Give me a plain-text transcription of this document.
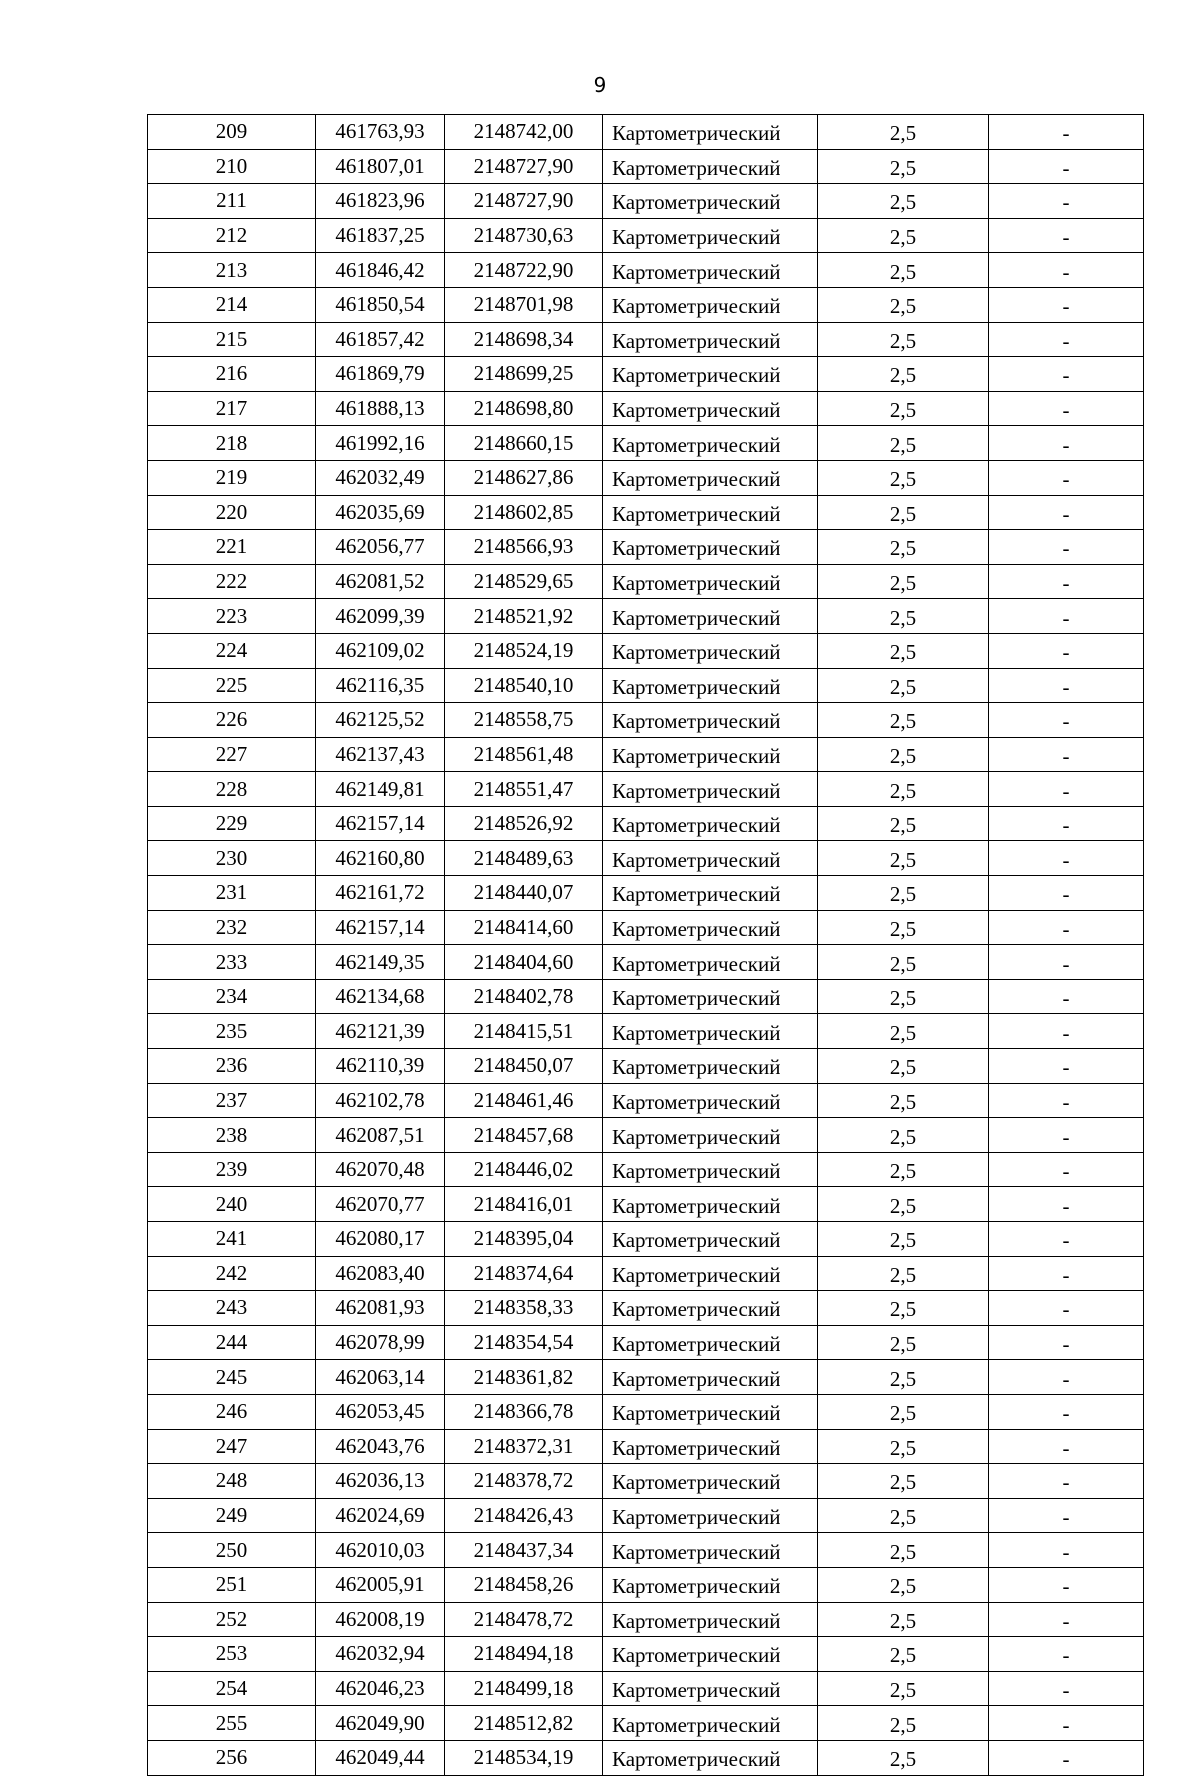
9
209	461763,93	2148742,00	Картометрический	2,5	-
210	461807,01	2148727,90	Картометрический	2,5	-
211	461823,96	2148727,90	Картометрический	2,5	-
212	461837,25	2148730,63	Картометрический	2,5	-
213	461846,42	2148722,90	Картометрический	2,5	-
214	461850,54	2148701,98	Картометрический	2,5	-
215	461857,42	2148698,34	Картометрический	2,5	-
216	461869,79	2148699,25	Картометрический	2,5	-
217	461888,13	2148698,80	Картометрический	2,5	-
218	461992,16	2148660,15	Картометрический	2,5	-
219	462032,49	2148627,86	Картометрический	2,5	-
220	462035,69	2148602,85	Картометрический	2,5	-
221	462056,77	2148566,93	Картометрический	2,5	-
222	462081,52	2148529,65	Картометрический	2,5	-
223	462099,39	2148521,92	Картометрический	2,5	-
224	462109,02	2148524,19	Картометрический	2,5	-
225	462116,35	2148540,10	Картометрический	2,5	-
226	462125,52	2148558,75	Картометрический	2,5	-
227	462137,43	2148561,48	Картометрический	2,5	-
228	462149,81	2148551,47	Картометрический	2,5	-
229	462157,14	2148526,92	Картометрический	2,5	-
230	462160,80	2148489,63	Картометрический	2,5	-
231	462161,72	2148440,07	Картометрический	2,5	-
232	462157,14	2148414,60	Картометрический	2,5	-
233	462149,35	2148404,60	Картометрический	2,5	-
234	462134,68	2148402,78	Картометрический	2,5	-
235	462121,39	2148415,51	Картометрический	2,5	-
236	462110,39	2148450,07	Картометрический	2,5	-
237	462102,78	2148461,46	Картометрический	2,5	-
238	462087,51	2148457,68	Картометрический	2,5	-
239	462070,48	2148446,02	Картометрический	2,5	-
240	462070,77	2148416,01	Картометрический	2,5	-
241	462080,17	2148395,04	Картометрический	2,5	-
242	462083,40	2148374,64	Картометрический	2,5	-
243	462081,93	2148358,33	Картометрический	2,5	-
244	462078,99	2148354,54	Картометрический	2,5	-
245	462063,14	2148361,82	Картометрический	2,5	-
246	462053,45	2148366,78	Картометрический	2,5	-
247	462043,76	2148372,31	Картометрический	2,5	-
248	462036,13	2148378,72	Картометрический	2,5	-
249	462024,69	2148426,43	Картометрический	2,5	-
250	462010,03	2148437,34	Картометрический	2,5	-
251	462005,91	2148458,26	Картометрический	2,5	-
252	462008,19	2148478,72	Картометрический	2,5	-
253	462032,94	2148494,18	Картометрический	2,5	-
254	462046,23	2148499,18	Картометрический	2,5	-
255	462049,90	2148512,82	Картометрический	2,5	-
256	462049,44	2148534,19	Картометрический	2,5	-
